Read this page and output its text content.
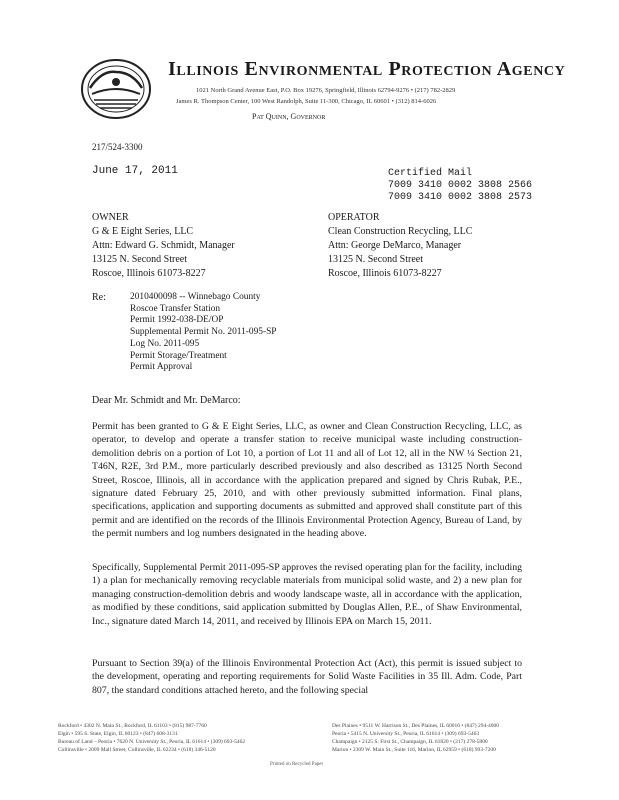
Illinois Environmental Protection Agency
1021 North Grand Avenue East, P.O. Box 19276, Springfield, Illinois 62794-9276 • (217) 782-2829
James R. Thompson Center, 100 West Randolph, Suite 11-300, Chicago, IL 60601 • (312) 814-6026
Pat Quinn, Governor
217/524-3300
June 17, 2011	Certified Mail
7009 3410 0002 3808 2566
7009 3410 0002 3808 2573
OWNER
G & E Eight Series, LLC
Attn: Edward G. Schmidt, Manager
13125 N. Second Street
Roscoe, Illinois 61073-8227
OPERATOR
Clean Construction Recycling, LLC
Attn: George DeMarco, Manager
13125 N. Second Street
Roscoe, Illinois 61073-8227
Re:	2010400098 -- Winnebago County
Roscoe Transfer Station
Permit 1992-038-DE/OP
Supplemental Permit No. 2011-095-SP
Log No. 2011-095
Permit Storage/Treatment
Permit Approval
Dear Mr. Schmidt and Mr. DeMarco:
Permit has been granted to G & E Eight Series, LLC, as owner and Clean Construction Recycling, LLC, as operator, to develop and operate a transfer station to receive municipal waste including construction-demolition debris on a portion of Lot 10, a portion of Lot 11 and all of Lot 12, all in the NW ¼ Section 21, T46N, R2E, 3rd P.M., more particularly described previously and also described as 13125 North Second Street, Roscoe, Illinois, all in accordance with the application prepared and signed by Chris Rubak, P.E., signature dated February 25, 2010, and with other previously submitted information. Final plans, specifications, application and supporting documents as submitted and approved shall constitute part of this permit and are identified on the records of the Illinois Environmental Protection Agency, Bureau of Land, by the permit numbers and log numbers designated in the heading above.
Specifically, Supplemental Permit 2011-095-SP approves the revised operating plan for the facility, including 1) a plan for mechanically removing recyclable materials from municipal solid waste, and 2) a new plan for managing construction-demolition debris and woody landscape waste, all in accordance with the application, as modified by these conditions, said application submitted by Douglas Allen, P.E., of Shaw Environmental, Inc., signature dated March 14, 2011, and received by Illinois EPA on March 15, 2011.
Pursuant to Section 39(a) of the Illinois Environmental Protection Act (Act), this permit is issued subject to the development, operating and reporting requirements for Solid Waste Facilities in 35 Ill. Adm. Code, Part 807, the standard conditions attached hereto, and the following special
Rockford • 4302 N. Main St., Rockford, IL 61103 • (815) 987-7760
Elgin • 595 S. State, Elgin, IL 60123 • (847) 608-3131
Bureau of Land – Peoria • 7620 N. University St., Peoria, IL 61614 • (309) 693-5462
Collinsville • 2009 Mall Street, Collinsville, IL 62234 • (618) 346-5120
Des Plaines • 9511 W. Harrison St., Des Plaines, IL 60016 • (847) 294-4000
Peoria • 5415 N. University St., Peoria, IL 61614 • (309) 693-5463
Champaign • 2125 S. First St., Champaign, IL 61820 • (217) 278-5800
Marion • 2309 W. Main St., Suite 116, Marion, IL 62959 • (618) 993-7200
Printed on Recycled Paper
